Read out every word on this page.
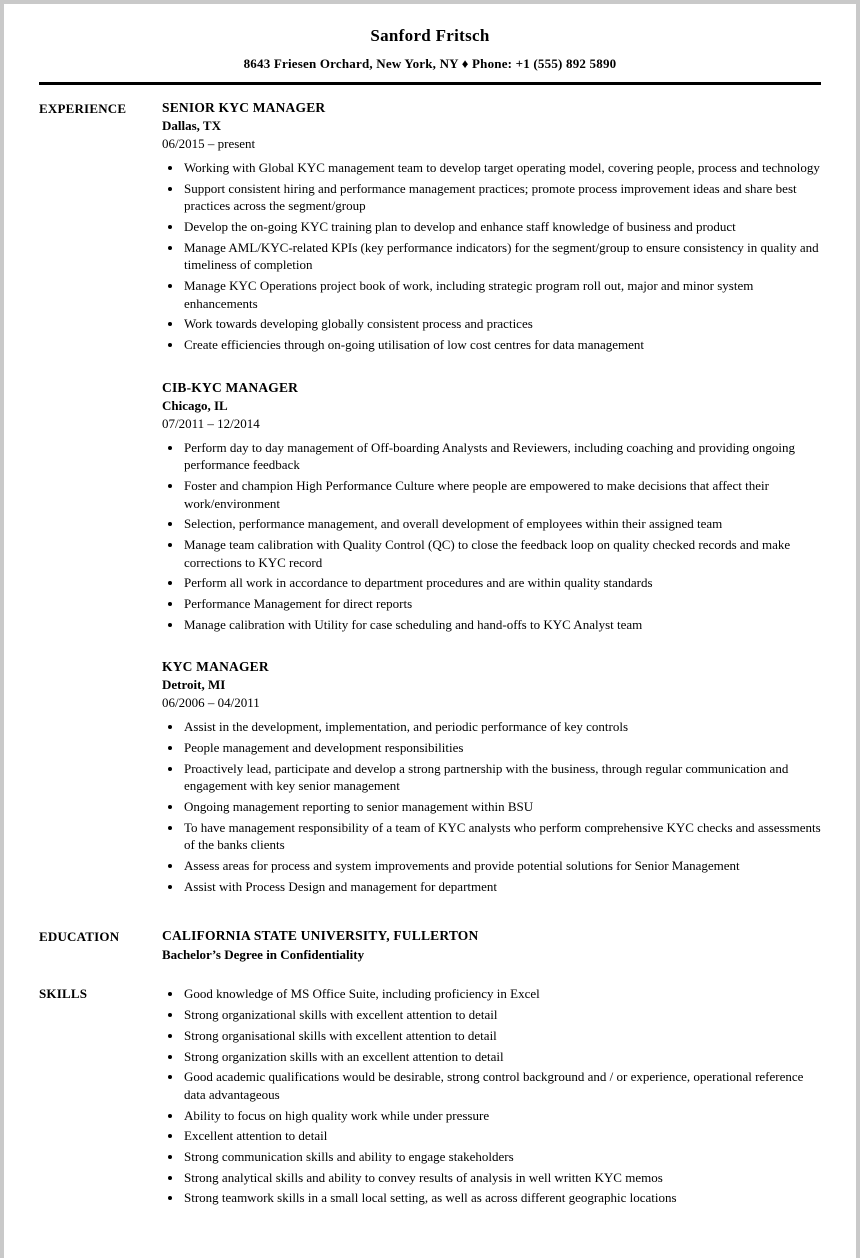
Sanford Fritsch
8643 Friesen Orchard, New York, NY ♦ Phone: +1 (555) 892 5890
EXPERIENCE	SENIOR KYC MANAGER
Dallas, TX
06/2015 – present
• Working with Global KYC management team to develop target operating model, covering people, process and technology
• Support consistent hiring and performance management practices; promote process improvement ideas and share best practices across the segment/group
• Develop the on-going KYC training plan to develop and enhance staff knowledge of business and product
• Manage AML/KYC-related KPIs (key performance indicators) for the segment/group to ensure consistency in quality and timeliness of completion
• Manage KYC Operations project book of work, including strategic program roll out, major and minor system enhancements
• Work towards developing globally consistent process and practices
• Create efficiencies through on-going utilisation of low cost centres for data management
CIB-KYC MANAGER
Chicago, IL
07/2011 – 12/2014
• Perform day to day management of Off-boarding Analysts and Reviewers, including coaching and providing ongoing performance feedback
• Foster and champion High Performance Culture where people are empowered to make decisions that affect their work/environment
• Selection, performance management, and overall development of employees within their assigned team
• Manage team calibration with Quality Control (QC) to close the feedback loop on quality checked records and make corrections to KYC record
• Perform all work in accordance to department procedures and are within quality standards
• Performance Management for direct reports
• Manage calibration with Utility for case scheduling and hand-offs to KYC Analyst team
KYC MANAGER
Detroit, MI
06/2006 – 04/2011
• Assist in the development, implementation, and periodic performance of key controls
• People management and development responsibilities
• Proactively lead, participate and develop a strong partnership with the business, through regular communication and engagement with key senior management
• Ongoing management reporting to senior management within BSU
• To have management responsibility of a team of KYC analysts who perform comprehensive KYC checks and assessments of the banks clients
• Assess areas for process and system improvements and provide potential solutions for Senior Management
• Assist with Process Design and management for department
EDUCATION	CALIFORNIA STATE UNIVERSITY, FULLERTON
Bachelor’s Degree in Confidentiality
SKILLS	• Good knowledge of MS Office Suite, including proficiency in Excel
• Strong organizational skills with excellent attention to detail
• Strong organisational skills with excellent attention to detail
• Strong organization skills with an excellent attention to detail
• Good academic qualifications would be desirable, strong control background and / or experience, operational reference data advantageous
• Ability to focus on high quality work while under pressure
• Excellent attention to detail
• Strong communication skills and ability to engage stakeholders
• Strong analytical skills and ability to convey results of analysis in well written KYC memos
• Strong teamwork skills in a small local setting, as well as across different geographic locations
